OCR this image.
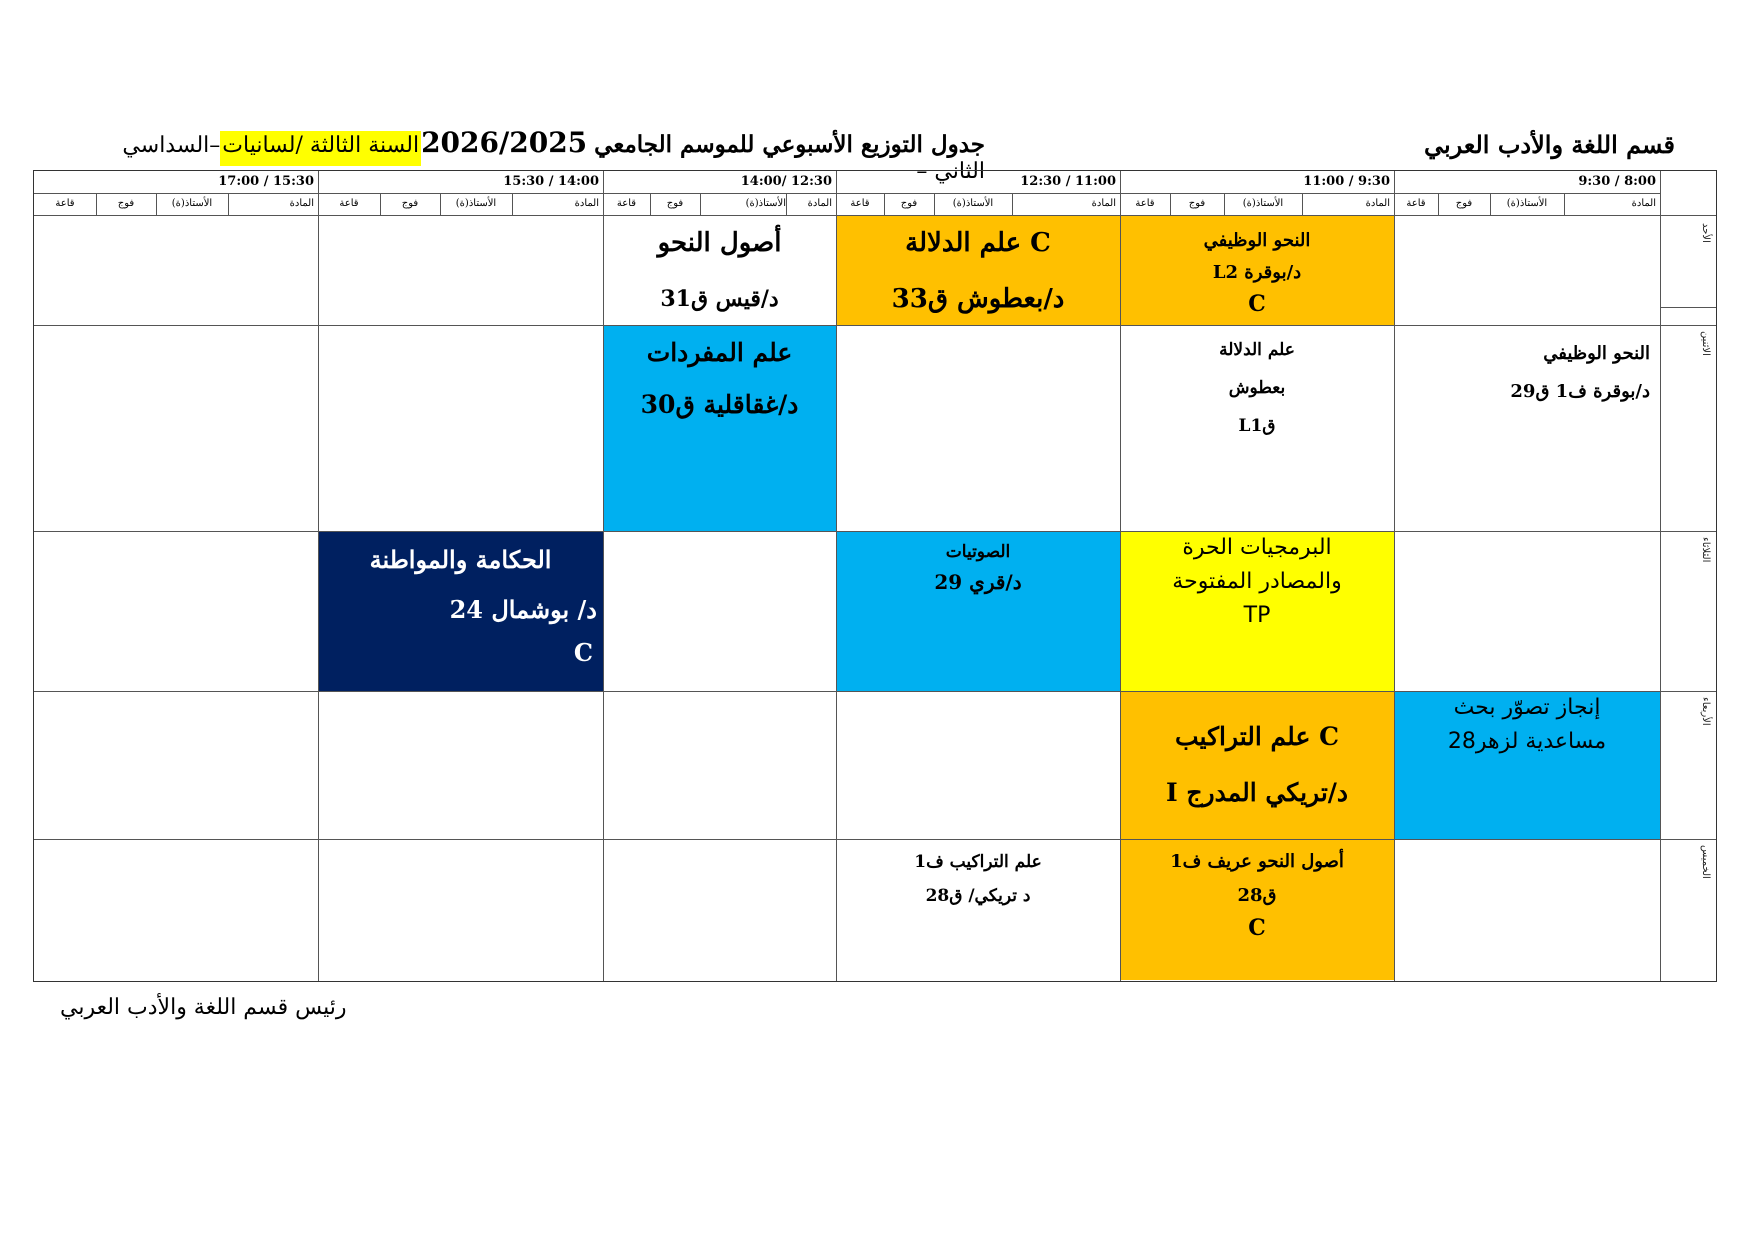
قسم اللغة والأدب العربي
جدول التوزيع الأسبوعي للموسم الجامعي 2026/2025السنة الثالثة /لسانيات–السداسي الثاني –	9:30 / 8:00
11:00 / 9:30
12:30 / 11:00
14:00/ 12:30
15:30 / 14:00
17:00 / 15:30
المادة
الأستاذ(ة)
فوج
قاعة
المادة
الأستاذ(ة)
فوج
قاعة
المادة
الأستاذ(ة)
فوج
قاعة
المادة
الأستاذ(ة)
فوج
قاعة
المادة
الأستاذ(ة)
فوج
قاعة
المادة
الأستاذ(ة)
فوج
قاعة
الأحد
الاثنين
الثلاثاء
الأربعاء
الخميس
النحو الوظيفي
د/بوقرة L2
C
C علم الدلالة
د/بعطوش ق33
أصول النحو
د/قيس ق31
النحو الوظيفي
د/بوقرة ف1 ق29
علم الدلالة
بعطوش
قL1
علم المفردات
د/غقاقلية ق30
البرمجيات الحرة
والمصادر المفتوحة
TP
الصوتيات
د/قري 29
الحكامة والمواطنة
د/ بوشمال 24
C
إنجاز تصوّر بحث
مساعدية لزهر28
C علم التراكيب
د/تريكي المدرج I
أصول النحو عريف ف1
ق28
C
علم التراكيب ف1
د تريكي/ ق28
رئيس قسم اللغة والأدب العربي
